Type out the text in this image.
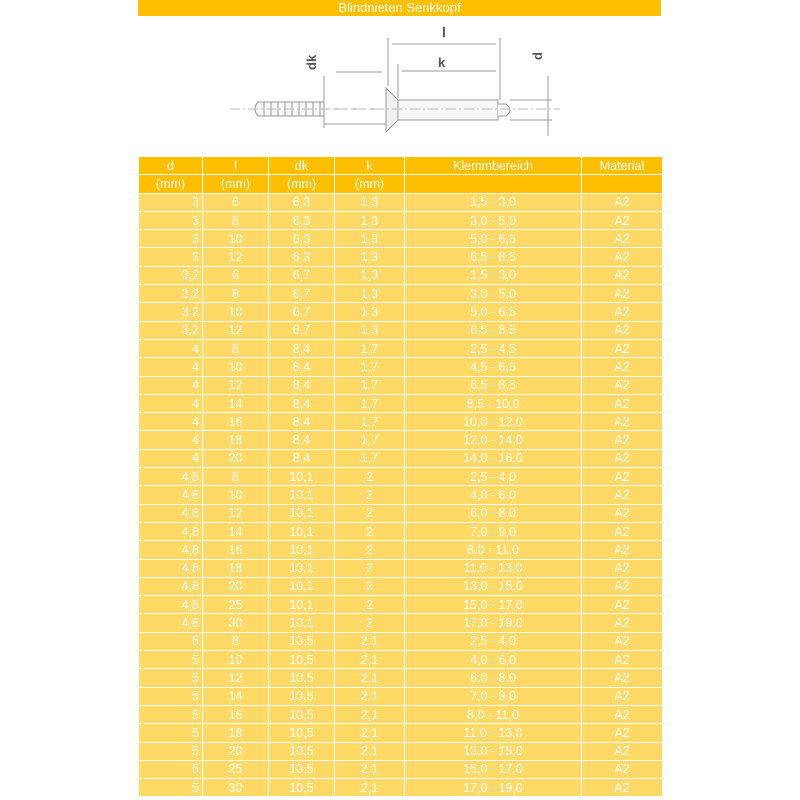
Blindnieten Senkkopf
l
k
dk	d
d	l	dk	k	Klemmbereich	Material
(mm)	(mm)	(mm)	(mm)		
3	6	6,3	1,3	1,5 - 3,0	A2
3	8	6,3	1,3	3,0 - 5,0	A2
3	10	6,3	1,3	5,0 - 6,5	A2
3	12	6,3	1,3	6,5 - 8,5	A2
3,2	6	6,7	1,3	1,5 - 3,0	A2
3,2	8	6,7	1,3	3,0 - 5,0	A2
3,2	10	6,7	1,3	5,0 - 6,5	A2
3,2	12	6,7	1,3	6,5 - 8,5	A2
4	8	8,4	1,7	2,5 - 4,5	A2
4	10	8,4	1,7	4,5 - 6,5	A2
4	12	8,4	1,7	6,5 - 8,5	A2
4	14	8,4	1,7	8,5 - 10,0	A2
4	16	8,4	1,7	10,0 - 12,0	A2
4	18	8,4	1,7	12,0 - 14,0	A2
4	20	8,4	1,7	14,0 - 16,0	A2
4,8	8	10,1	2	2,5 - 4,0	A2
4,8	10	10,1	2	4,0 - 6,0	A2
4,8	12	10,1	2	6,0 - 8,0	A2
4,8	14	10,1	2	7,0 - 9,0	A2
4,8	16	10,1	2	8,0 - 11,0	A2
4,8	18	10,1	2	11,0 - 13,0	A2
4,8	20	10,1	2	13,0 - 15,0	A2
4,8	25	10,1	2	15,0 - 17,0	A2
4,8	30	10,1	2	17,0 - 19,0	A2
5	8	10,5	2,1	2,5 - 4,0	A2
5	10	10,5	2,1	4,0 - 6,0	A2
5	12	10,5	2,1	6,0 - 8,0	A2
5	14	10,5	2,1	7,0 - 9,0	A2
5	16	10,5	2,1	8,0 - 11,0	A2
5	18	10,5	2,1	11,0 - 13,0	A2
5	20	10,5	2,1	13,0 - 15,0	A2
5	25	10,5	2,1	15,0 - 17,0	A2
5	30	10,5	2,1	17,0 - 19,0	A2
